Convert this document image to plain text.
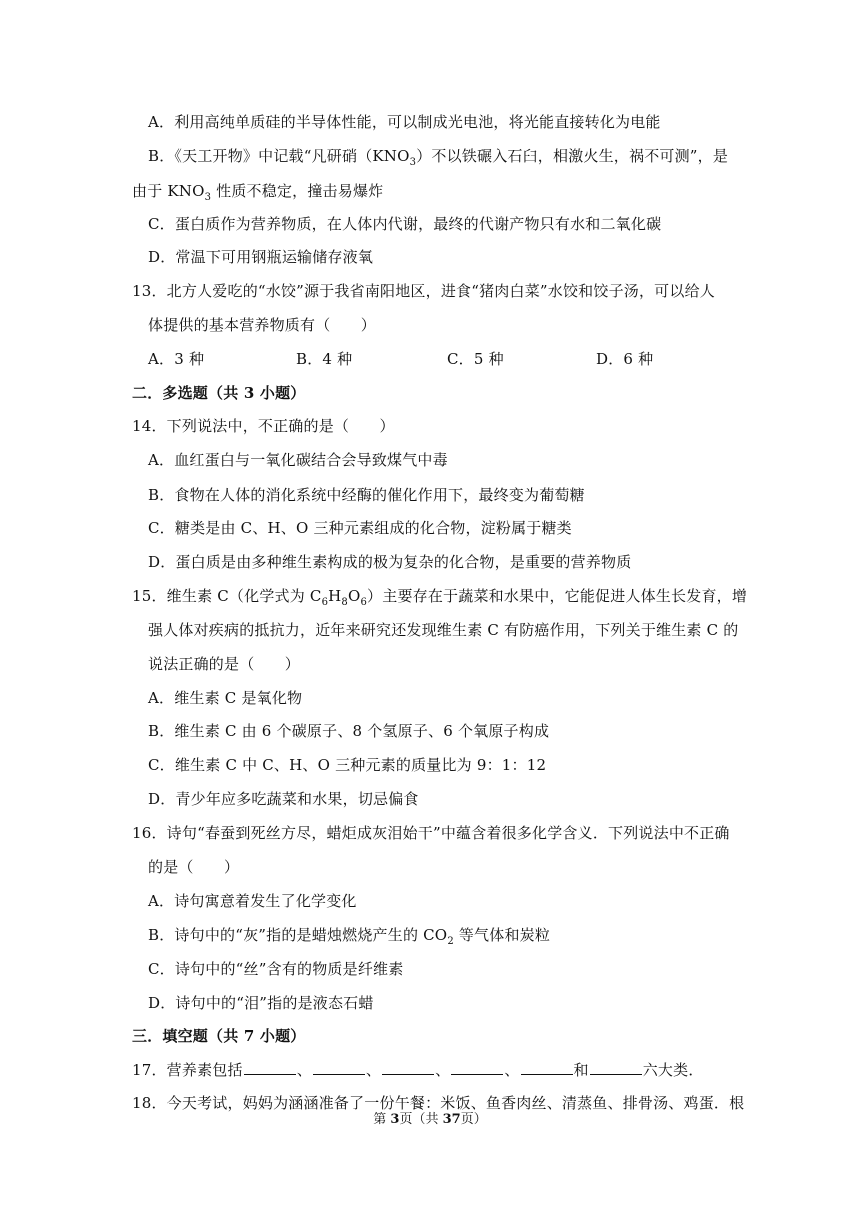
A．利用高纯单质硅的半导体性能，可以制成光电池，将光能直接转化为电能
B．《天工开物》中记载“凡研硝$(KNO_3)$不以铁碾入石臼，相激火生，祸不可测”，是
由于 $KNO_3$ 性质不稳定，撞击易爆炸
C．蛋白质作为营养物质，在人体内代谢，最终的代谢产物只有水和二氧化碳
D．常温下可用钢瓶运输储存液氧
13．北方人爱吃的“水饺”源于我省南阳地区，进食“猪肉白菜”水饺和饺子汤，可以给人
体提供的基本营养物质有（　　）
A．3 种	B．4 种	C．5 种	D．6 种
二．多选题（共 3 小题）
14．下列说法中，不正确的是（　　）
A．血红蛋白与一氧化碳结合会导致煤气中毒
B．食物在人体的消化系统中经酶的催化作用下，最终变为葡萄糖
C．糖类是由 C、H、O 三种元素组成的化合物，淀粉属于糖类
D．蛋白质是由多种维生素构成的极为复杂的化合物，是重要的营养物质
15．维生素 C（化学式为 $C_6H_8O_6$）主要存在于蔬菜和水果中，它能促进人体生长发育，增
强人体对疾病的抵抗力，近年来研究还发现维生素 C 有防癌作用，下列关于维生素 C 的
说法正确的是（　　）
A．维生素 C 是氧化物
B．维生素 C 由 6 个碳原子、8 个氢原子、6 个氧原子构成
C．维生素 C 中 C、H、O 三种元素的质量比为 9：1：12
D．青少年应多吃蔬菜和水果，切忌偏食
16．诗句“春蚕到死丝方尽，蜡炬成灰泪始干”中蕴含着很多化学含义．下列说法中不正确
的是（　　）
A．诗句寓意着发生了化学变化
B．诗句中的“灰”指的是蜡烛燃烧产生的 $CO_2$ 等气体和炭粒
C．诗句中的“丝”含有的物质是纤维素
D．诗句中的“泪”指的是液态石蜡
三．填空题（共 7 小题）
17．营养素包括	、	、	、	、	和	六大类．
18．今天考试，妈妈为涵涵准备了一份午餐：米饭、鱼香肉丝、清蒸鱼、排骨汤、鸡蛋．根
第 3页（共 37页）
